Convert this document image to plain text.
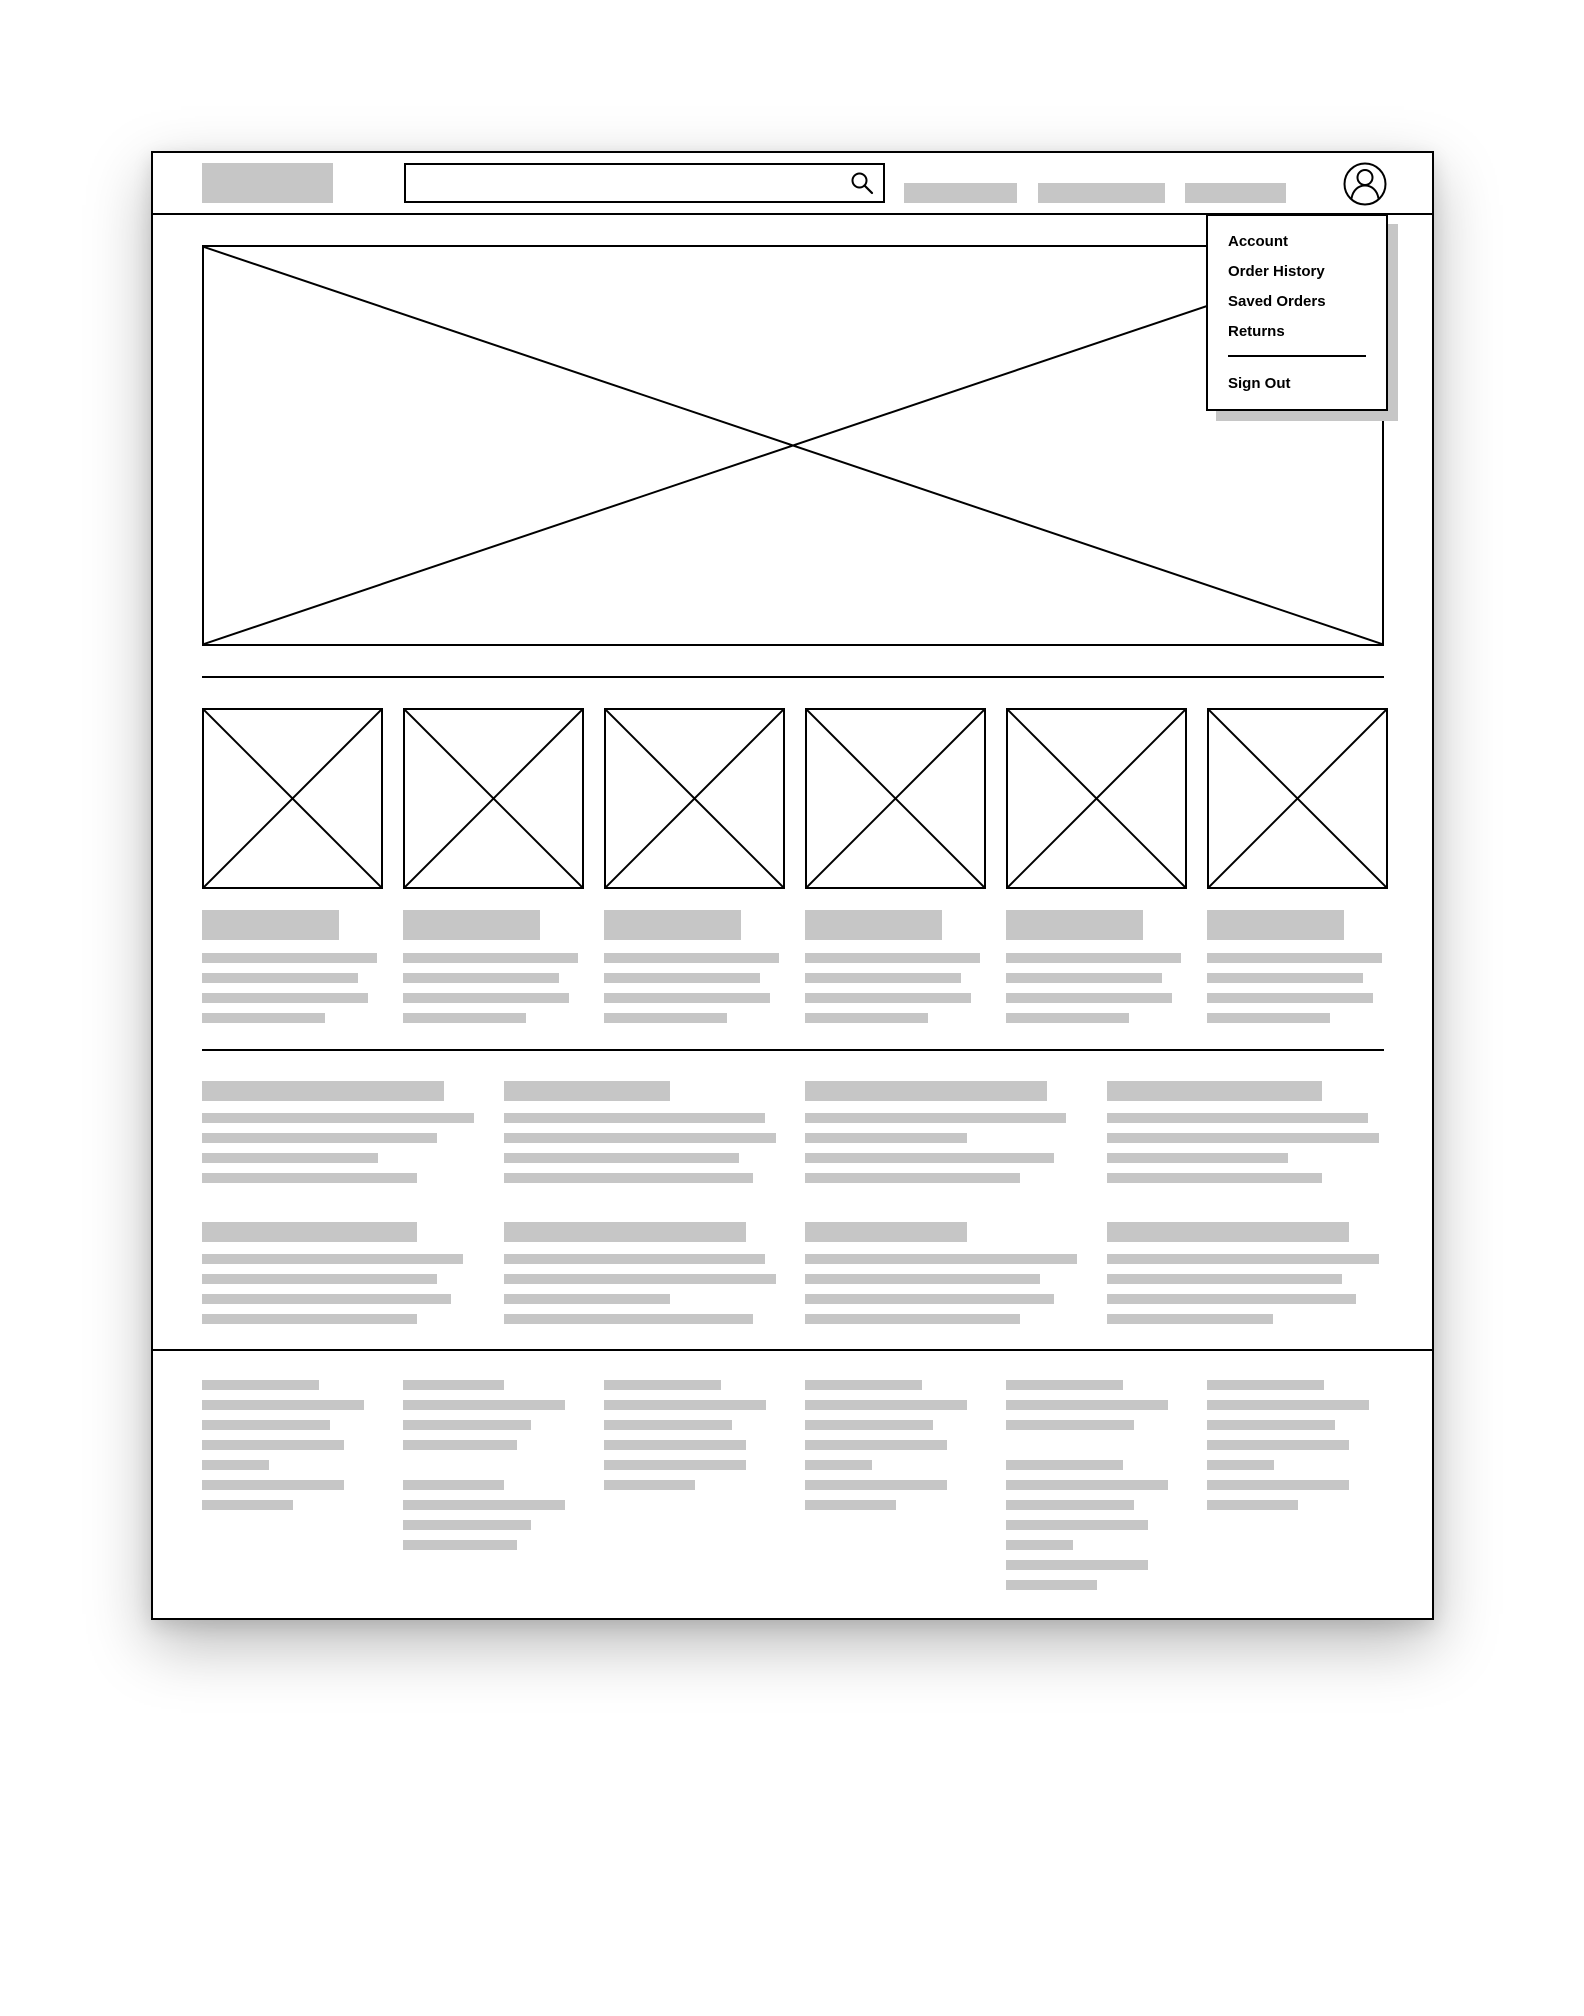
Account
Order History
Saved Orders
Returns
Sign Out
